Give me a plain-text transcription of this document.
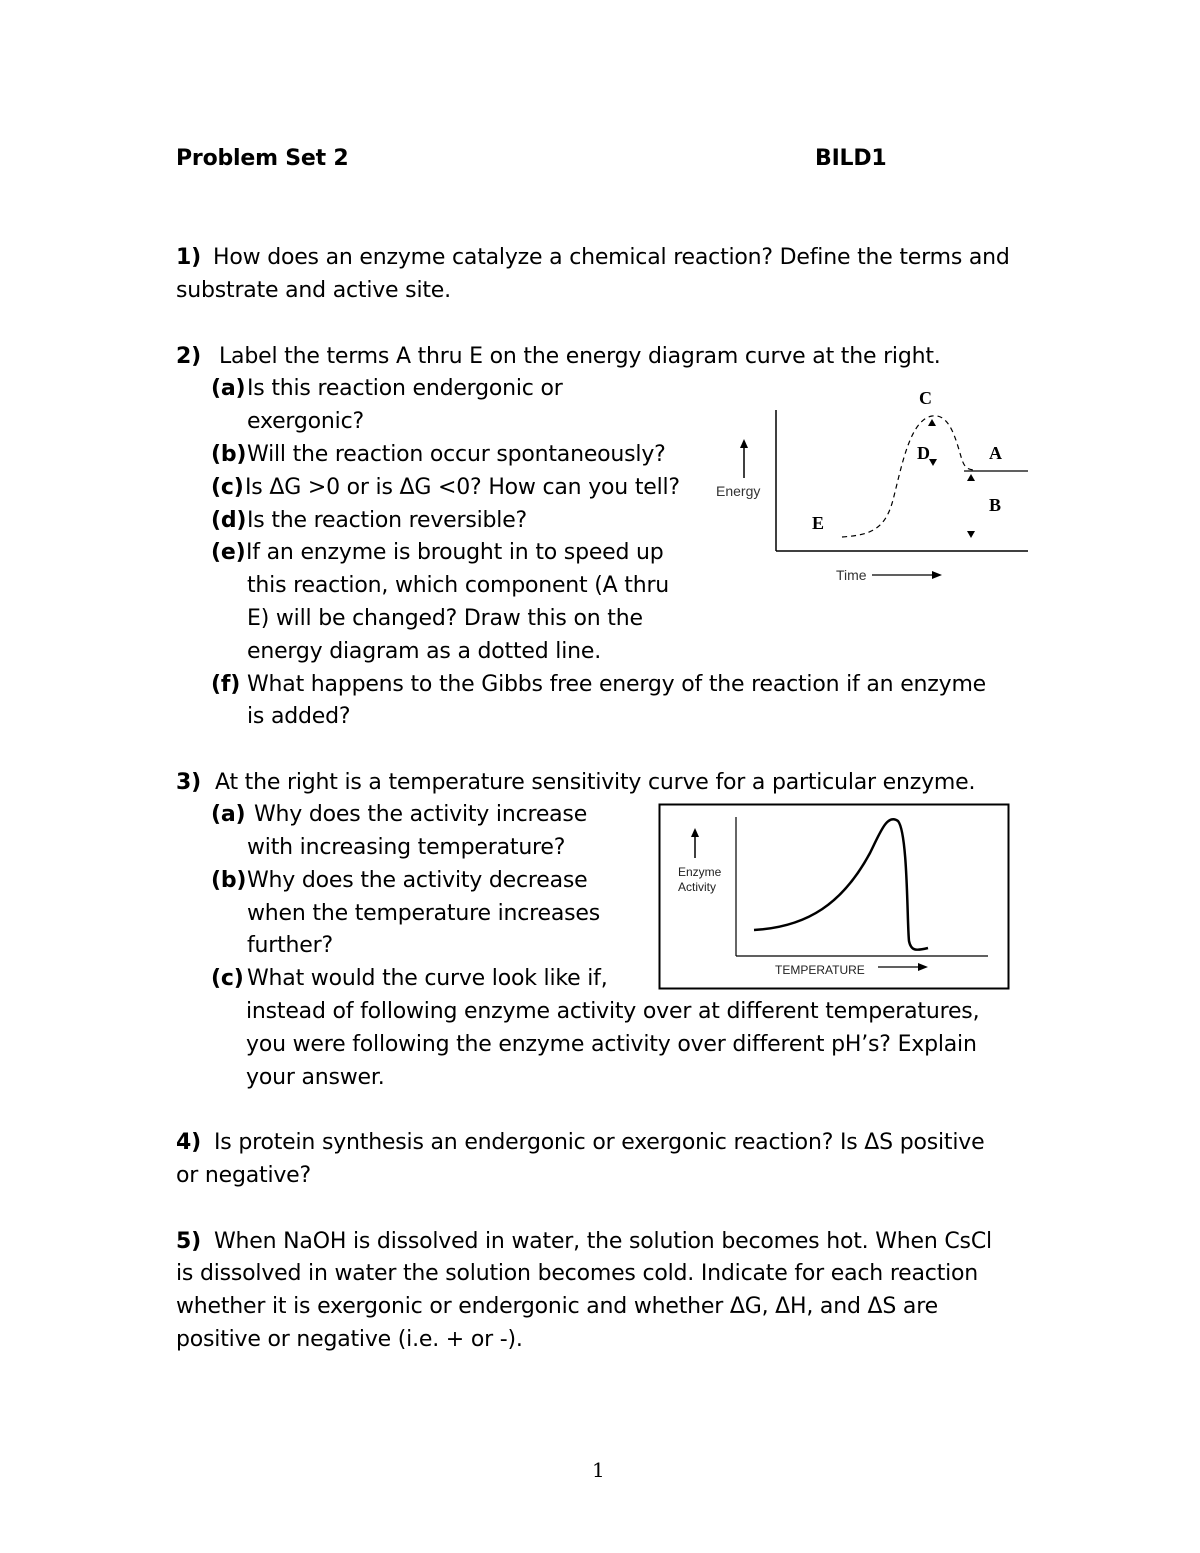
Problem Set 2	BILD1
1) How does an enzyme catalyze a chemical reaction? Define the terms and
substrate and active site.
2) Label the terms A thru E on the energy diagram curve at the right.
(a) Is this reaction endergonic or
exergonic?
(b) Will the reaction occur spontaneously?
(c) Is ΔG >0 or is ΔG <0? How can you tell?
(d) Is the reaction reversible?
(e) If an enzyme is brought in to speed up
this reaction, which component (A thru
E) will be changed? Draw this on the
energy diagram as a dotted line.
(f) What happens to the Gibbs free energy of the reaction if an enzyme
is added?
Energy
Time
C
D	A
B
E
3) At the right is a temperature sensitivity curve for a particular enzyme.
(a) Why does the activity increase
with increasing temperature?
(b) Why does the activity decrease
when the temperature increases
further?
(c) What would the curve look like if,
instead of following enzyme activity over at different temperatures,
you were following the enzyme activity over different pH’s? Explain
your answer.
Enzyme
Activity
TEMPERATURE
4) Is protein synthesis an endergonic or exergonic reaction? Is ΔS positive
or negative?
5) When NaOH is dissolved in water, the solution becomes hot. When CsCl
is dissolved in water the solution becomes cold. Indicate for each reaction
whether it is exergonic or endergonic and whether ΔG, ΔH, and ΔS are
positive or negative (i.e. + or -).
1
